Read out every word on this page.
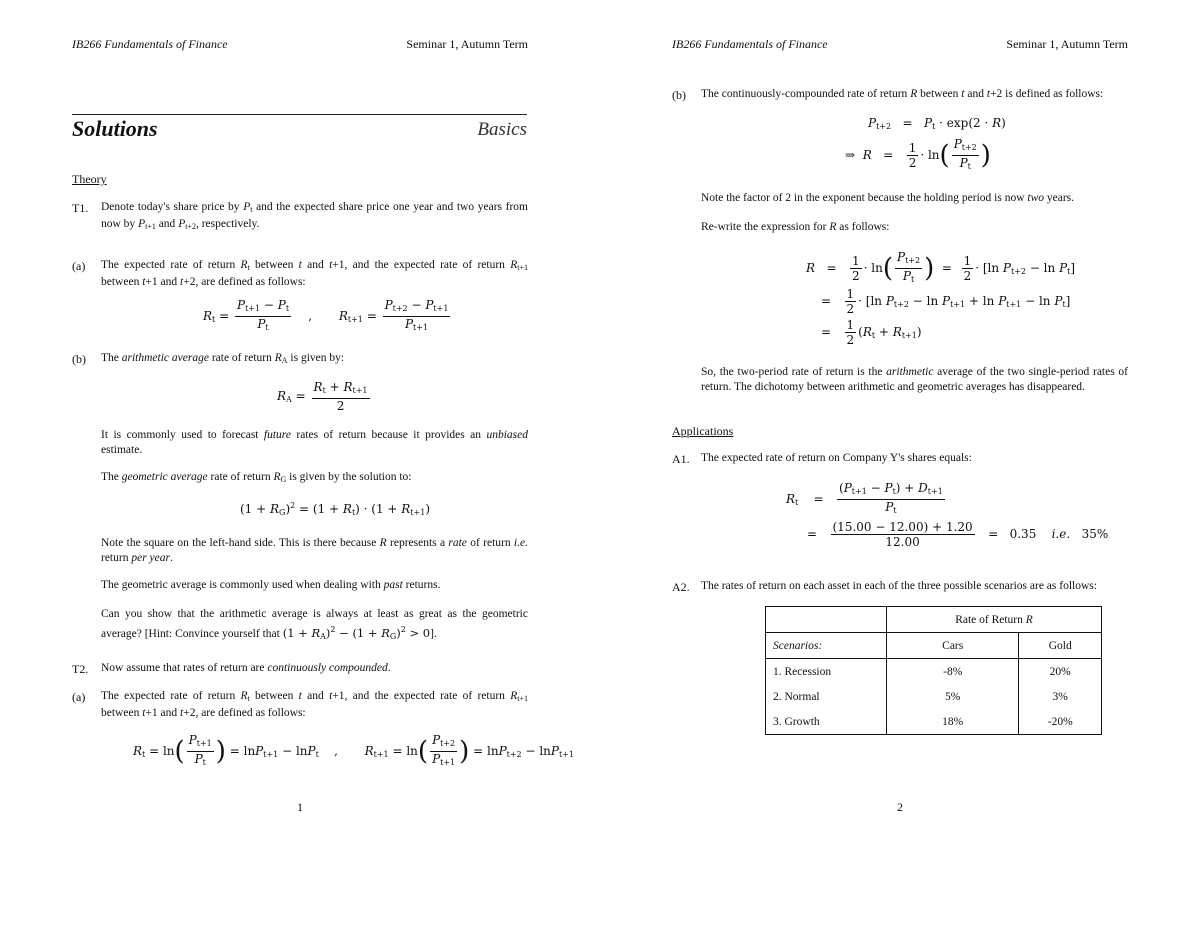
IB266 Fundamentals of Finance	Seminar 1, Autumn Term
Solutions	Basics
Theory
T1. Denote today's share price by $P_t$ and the expected share price one year and two years from now by $P_{t+1}$ and $P_{t+2}$, respectively.
(a) The expected rate of return $R_t$ between t and t+1, and the expected rate of return $R_{t+1}$ between t+1 and t+2, are defined as follows:
$R_t = \frac{P_{t+1} - P_t}{P_t}$ ,       $R_{t+1} = \frac{P_{t+2} - P_{t+1}}{P_{t+1}}$
(b) The arithmetic average rate of return $R_A$ is given by:
$R_A = \frac{R_t + R_{t+1}}{2}$
It is commonly used to forecast future rates of return because it provides an unbiased estimate.
The geometric average rate of return $R_G$ is given by the solution to:
$(1 + R_G)^2 = (1 + R_t) \cdot (1 + R_{t+1})$
Note the square on the left-hand side. This is there because R represents a rate of return i.e. return per year.
The geometric average is commonly used when dealing with past returns.
Can you show that the arithmetic average is always at least as great as the geometric average? [Hint: Convince yourself that $(1 + R_A)^2 - (1 + R_G)^2 > 0$].
T2. Now assume that rates of return are continuously compounded.
(a) The expected rate of return $R_t$ between t and t+1, and the expected rate of return $R_{t+1}$ between t+1 and t+2, are defined as follows:
$R_t = \ln( \frac{P_{t+1}}{P_t}$ ) = lnP$_{t+1}$ − lnP$_t$    ,       $R_{t+1} = \ln( \frac{P_{t+2}}{P_{t+1}}$ ) = lnP$_{t+2}$ − lnP$_{t+1}$
1
IB266 Fundamentals of Finance	Seminar 1, Autumn Term
(b) The continuously-compounded rate of return R between t and t+2 is defined as follows:
$P_{t+2} = P_t \cdot \exp(2 \cdot R)$
⇒  $R = \frac{1}{2} \cdot \ln( \frac{P_{t+2}}{P_t}$ )
Note the factor of 2 in the exponent because the holding period is now two years.
Re-write the expression for R as follows:
$R = \frac{1}{2} \cdot \ln( \frac{P_{t+2}}{P_t}$ )  = $\frac{1}{2} \cdot [\ln$ $P_{t+2} - \ln P_t$]
= $\frac{1}{2} \cdot [\ln$ $P_{t+2} - \ln P_{t+1} + \ln P_{t+1} - \ln P_t$]
= $\frac{1}{2} (R_t + R_{t+1})$
So, the two-period rate of return is the arithmetic average of the two single-period rates of return. The dichotomy between arithmetic and geometric averages has disappeared.
Applications
A1. The expected rate of return on Company Y's shares equals:
$R_t$    = $\frac{(P_{t+1} - P_t) + D_{t+1}}{P_t}$
= $\frac{(15.00 - 12.00) + 1.20}{12.00} = 0.35$ i.e. 35%
A2. The rates of return on each asset in each of the three possible scenarios are as follows:
2
	Rate of Return R	
Scenarios:	Cars	Gold
1. Recession	-8%	20%
2. Normal	5%	3%
3. Growth	18%	-20%
